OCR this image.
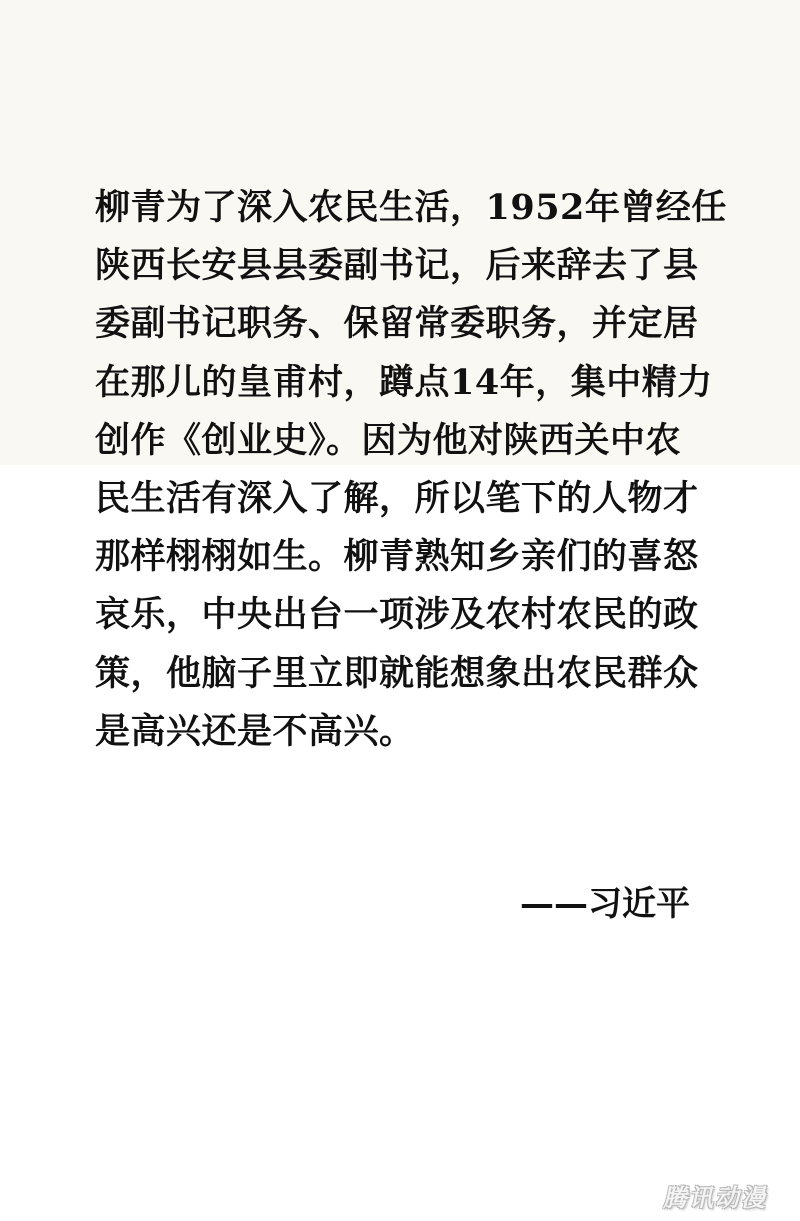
柳青为了深入农民生活，1952年曾经任
陕西长安县县委副书记，后来辞去了县
委副书记职务、保留常委职务，并定居
在那儿的皇甫村，蹲点14年，集中精力
创作《创业史》。因为他对陕西关中农
民生活有深入了解，所以笔下的人物才
那样栩栩如生。柳青熟知乡亲们的喜怒
哀乐，中央出台一项涉及农村农民的政
策，他脑子里立即就能想象出农民群众
是高兴还是不高兴。
——习近平
腾讯动漫
